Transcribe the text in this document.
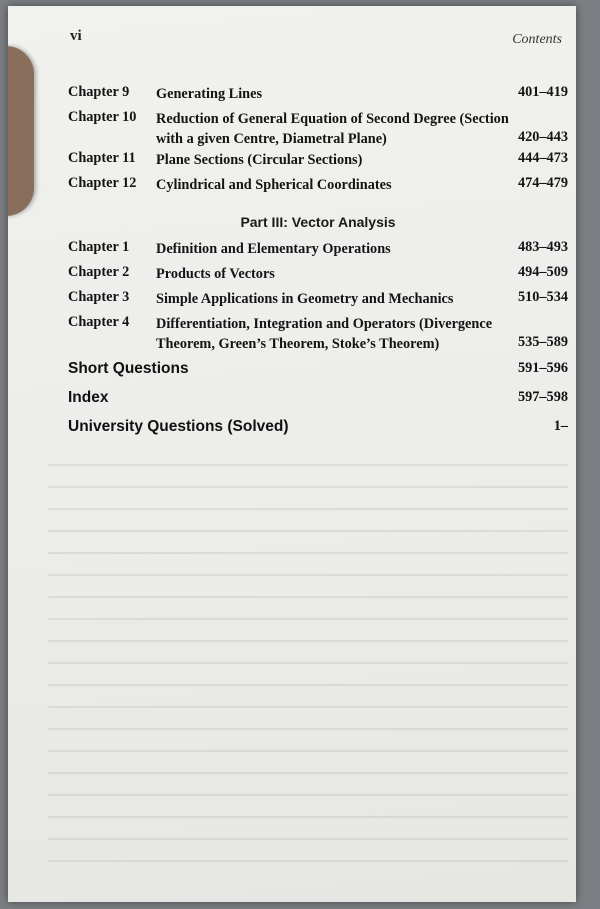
vi	Contents
Chapter 9	Generating Lines	401–419
Chapter 10	Reduction of General Equation of Second Degree (Section with a given Centre, Diametral Plane)	420–443
Chapter 11	Plane Sections (Circular Sections)	444–473
Chapter 12	Cylindrical and Spherical Coordinates	474–479
Part III: Vector Analysis
Chapter 1	Definition and Elementary Operations	483–493
Chapter 2	Products of Vectors	494–509
Chapter 3	Simple Applications in Geometry and Mechanics	510–534
Chapter 4	Differentiation, Integration and Operators (Divergence Theorem, Green’s Theorem, Stoke’s Theorem)	535–589
Short Questions	591–596
Index	597–598
University Questions (Solved)	1–
